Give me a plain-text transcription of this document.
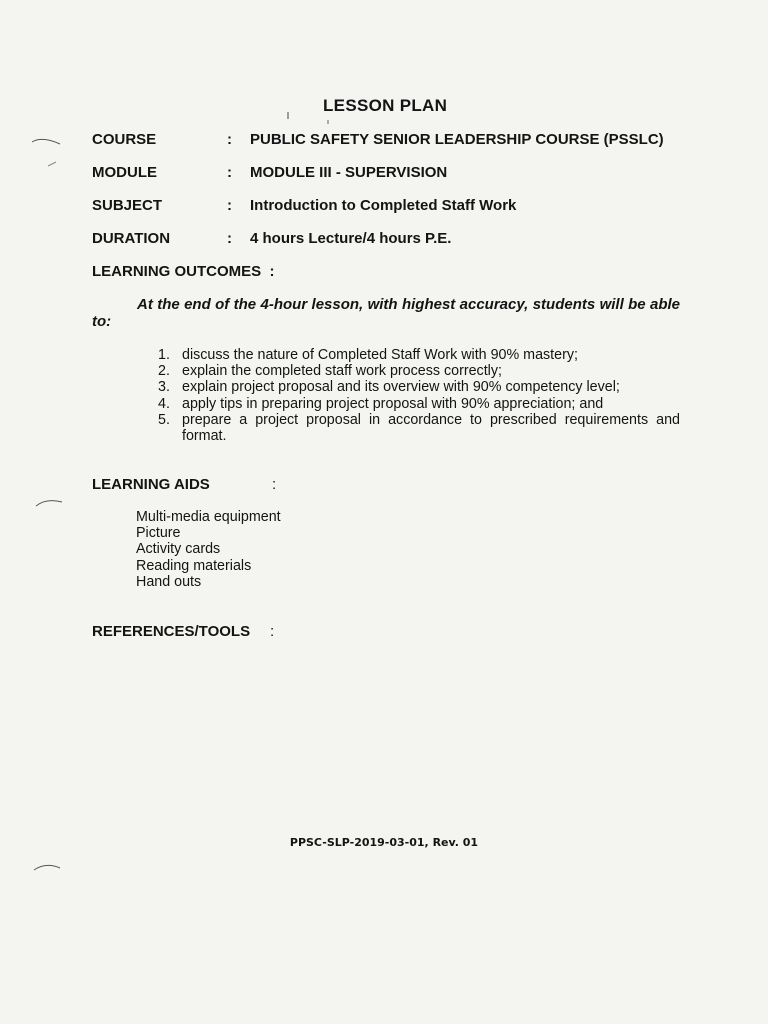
LESSON PLAN
COURSE	: PUBLIC SAFETY SENIOR LEADERSHIP COURSE (PSSLC)
MODULE	: MODULE III - SUPERVISION
SUBJECT	: Introduction to Completed Staff Work
DURATION	: 4 hours Lecture/4 hours P.E.
LEARNING OUTCOMES  :
At the end of the 4-hour lesson, with highest accuracy, students will be able to:
1. discuss the nature of Completed Staff Work with 90% mastery;
2. explain the completed staff work process correctly;
3. explain project proposal and its overview with 90% competency level;
4. apply tips in preparing project proposal with 90% appreciation; and
5. prepare a project proposal in accordance to prescribed requirements and format.
LEARNING AIDS	:
Multi-media equipment
Picture
Activity cards
Reading materials
Hand outs
REFERENCES/TOOLS :
PPSC-SLP-2019-03-01, Rev. 01
